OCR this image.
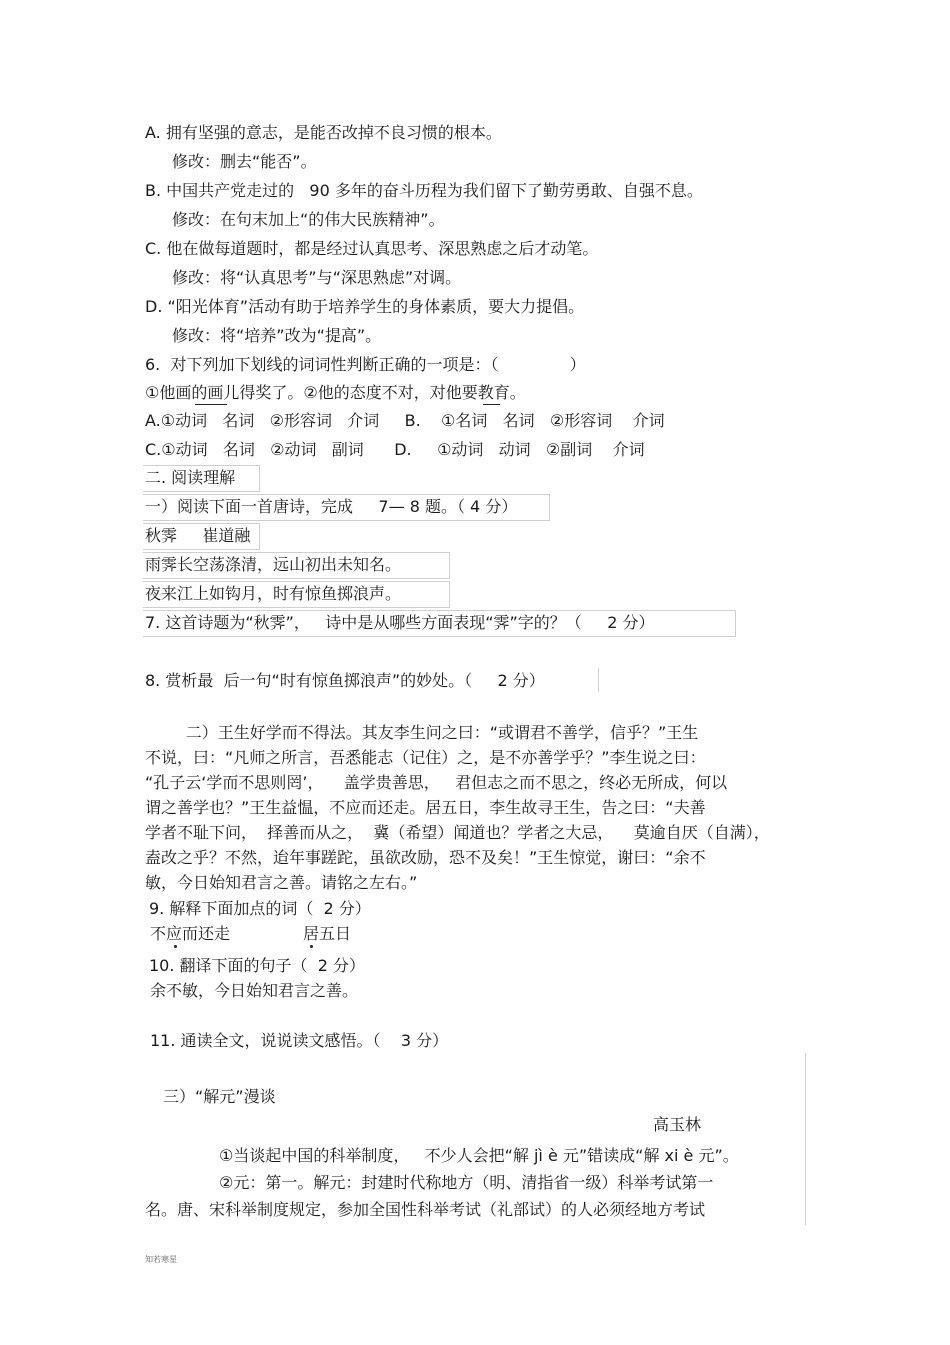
A. 拥有坚强的意志，是能否改掉不良习惯的根本。
修改：删去“能否”。
B. 中国共产党走过的   90 多年的奋斗历程为我们留下了勤劳勇敢、自强不息。
修改：在句末加上“的伟大民族精神”。
C. 他在做每道题时，都是经过认真思考、深思熟虑之后才动笔。
修改：将“认真思考”与“深思熟虑”对调。
D. “阳光体育”活动有助于培养学生的身体素质，要大力提倡。
修改：将“培养”改为“提高”。
6.  对下列加下划线的词词性判断正确的一项是：（              ）
①他画的画儿得奖了。②他的态度不对，对他要教育。
A.①动词   名词   ②形容词   介词     B.    ①名词   名词   ②形容词    介词
C.①动词   名词   ②动词   副词      D.     ①动词   动词   ②副词    介词
二. 阅读理解
一）阅读下面一首唐诗，完成     7— 8 题。（ 4 分）
秋霁     崔道融
雨霁长空荡涤清，远山初出未知名。
夜来江上如钩月，时有惊鱼掷浪声。
7. 这首诗题为“秋霁”，   诗中是从哪些方面表现“霁”字的？（     2 分）
8. 赏析最  后一句“时有惊鱼掷浪声”的妙处。（     2 分）
二）王生好学而不得法。其友李生问之曰：“或谓君不善学，信乎？”王生
不说，曰：“凡师之所言，吾悉能志（记住）之，是不亦善学乎？”李生说之曰：
“孔子云‘学而不思则罔’，    盖学贵善思，   君但志之而不思之，终必无所成，何以
谓之善学也？”王生益愠，不应而还走。居五日，李生故寻王生，告之曰：“夫善
学者不耻下问，  择善而从之，  冀（希望）闻道也？学者之大忌，    莫逾自厌（自满），
盍改之乎？不然，迨年事蹉跎，虽欲改励，恐不及矣！”王生惊觉，谢曰：“余不
敏，今日始知君言之善。请铭之左右。”
9. 解释下面加点的词（  2 分）
不应而还走	居五日
10. 翻译下面的句子（  2 分）
余不敏，今日始知君言之善。
11. 通读全文，说说读文感悟。（    3 分）
三）“解元”漫谈
高玉林
①当谈起中国的科举制度，   不少人会把“解 jì è 元”错读成“解 xi è 元”。
②元：第一。解元：封建时代称地方（明、清指省一级）科举考试第一
名。唐、宋科举制度规定，参加全国性科举考试（礼部试）的人必须经地方考试
知若寒星
